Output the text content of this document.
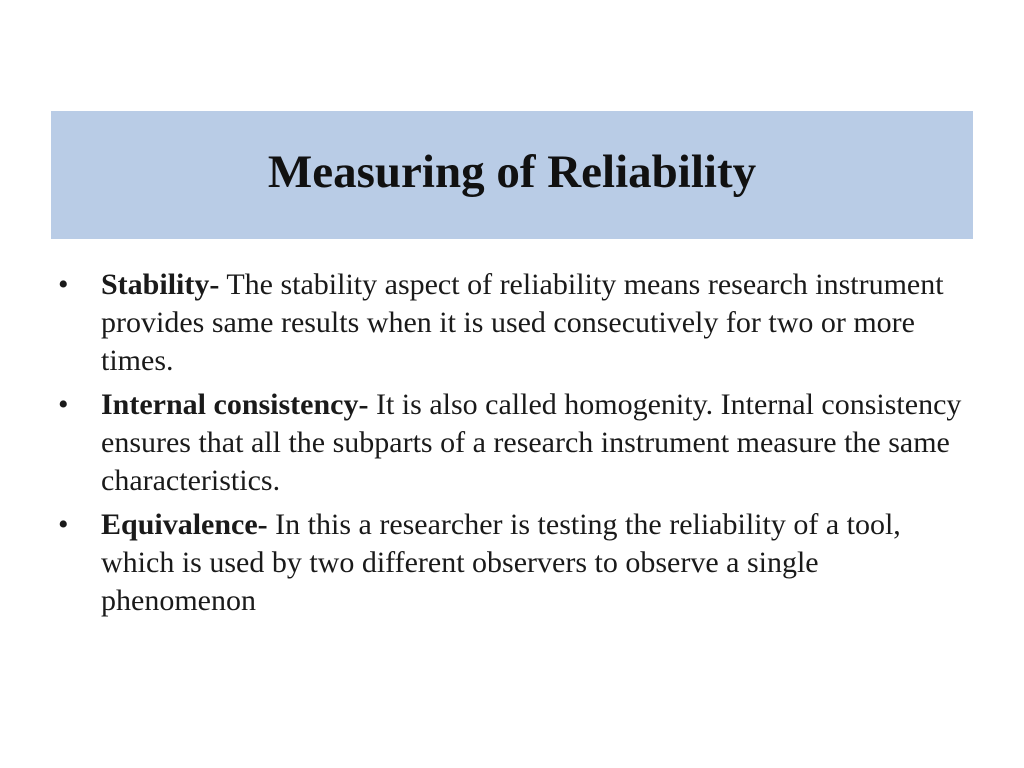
Measuring of Reliability
•	Stability- The stability aspect of reliability means research instrument provides same results when it is used consecutively for two or more times.
•	Internal consistency- It is also called homogenity. Internal consistency ensures that all the subparts of a research instrument measure the same characteristics.
•	Equivalence- In this a researcher is testing the reliability of a tool, which is used by two different observers to observe a single phenomenon
